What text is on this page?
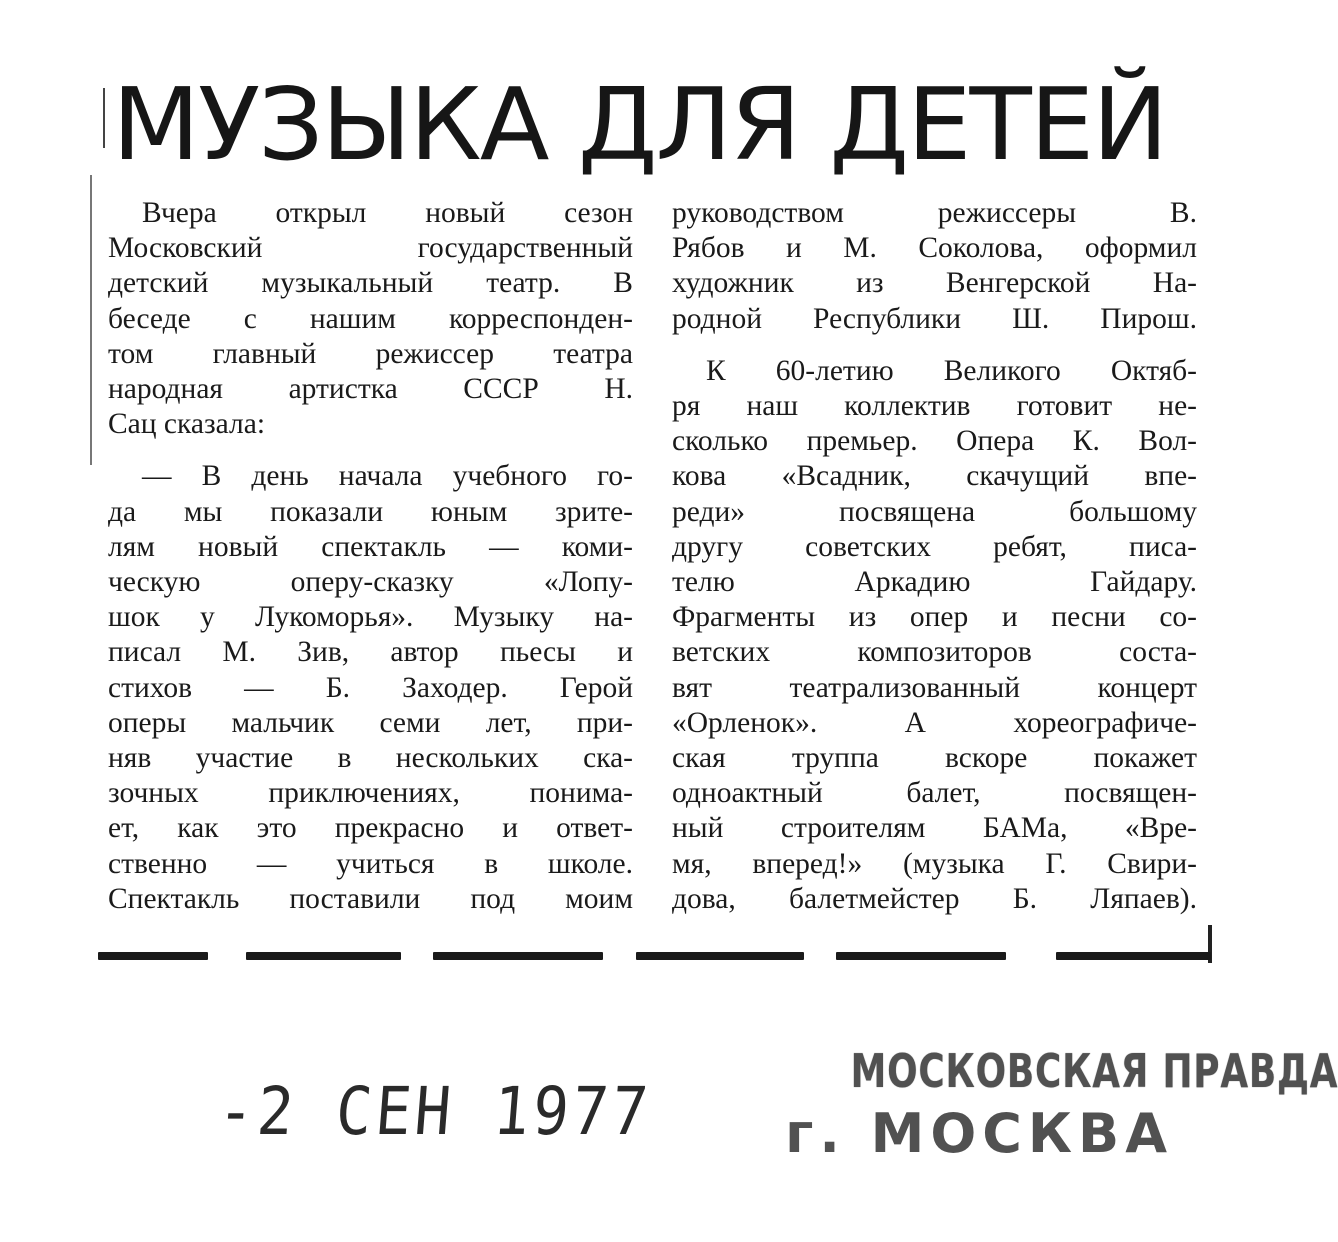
МУЗЫКА ДЛЯ ДЕТЕЙ

Вчера открыл новый сезон
Московский государственный
детский музыкальный театр. В
беседе с нашим корреспонден-
том главный режиссер театра
народная артистка СССР Н.
Сац сказала:

— В день начала учебного го-
да мы показали юным зрите-
лям новый спектакль — коми-
ческую оперу-сказку «Лопу-
шок у Лукоморья». Музыку на-
писал М. Зив, автор пьесы и
стихов — Б. Заходер. Герой
оперы мальчик семи лет, при-
няв участие в нескольких ска-
зочных приключениях, понима-
ет, как это прекрасно и ответ-
ственно — учиться в школе.
Спектакль поставили под моим

руководством режиссеры В.
Рябов и М. Соколова, оформил
художник из Венгерской На-
родной Республики Ш. Пирош.

К 60-летию Великого Октяб-
ря наш коллектив готовит не-
сколько премьер. Опера К. Вол-
кова «Всадник, скачущий впе-
реди» посвящена большому
другу советских ребят, писа-
телю Аркадию Гайдару.
Фрагменты из опер и песни со-
ветских композиторов соста-
вят театрализованный концерт
«Орленок». А хореографиче-
ская труппа вскоре покажет
одноактный балет, посвящен-
ный строителям БАМа, «Вре-
мя, вперед!» (музыка Г. Свири-
дова, балетмейстер Б. Ляпаев).

-2 СЕН 1977
МОСКОВСКАЯ ПРАВДА
г. МОСКВА
